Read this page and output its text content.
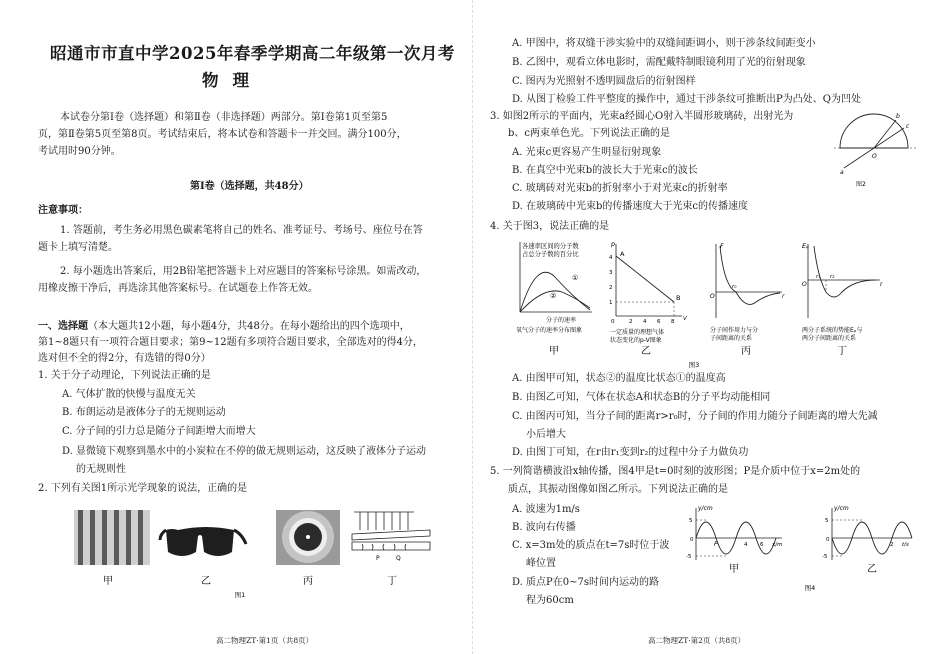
昭通市市直中学2025年春季学期高二年级第一次月考
物理
本试卷分第Ⅰ卷（选择题）和第Ⅱ卷（非选择题）两部分。第Ⅰ卷第1页至第5
页，第Ⅱ卷第5页至第8页。考试结束后，将本试卷和答题卡一并交回。满分100分，
考试用时90分钟。
第Ⅰ卷（选择题，共48分）
注意事项：
1. 答题前，考生务必用黑色碳素笔将自己的姓名、准考证号、考场号、座位号在答
题卡上填写清楚。
2. 每小题选出答案后，用2B铅笔把答题卡上对应题目的答案标号涂黑。如需改动，
用橡皮擦干净后，再选涂其他答案标号。在试题卷上作答无效。
一、选择题（本大题共12小题，每小题4分，共48分。在每小题给出的四个选项中，
第1~8题只有一项符合题目要求；第9~12题有多项符合题目要求，全部选对的得4分，
选对但不全的得2分，有选错的得0分）
1. 关于分子动理论，下列说法正确的是
A. 气体扩散的快慢与温度无关
B. 布朗运动是液体分子的无规则运动
C. 分子间的引力总是随分子间距增大而增大
D. 显微镜下观察到墨水中的小炭粒在不停的做无规则运动，这反映了液体分子运动
的无规则性
2. 下列有关图1所示光学现象的说法，正确的是
P	Q
甲	乙	丙	丁
图1
高二物理ZT·第1页（共8页）
A. 甲图中，将双缝干涉实验中的双缝间距调小，则干涉条纹间距变小
B. 乙图中，观看立体电影时，需配戴特制眼镜利用了光的衍射现象
C. 图丙为光照射不透明圆盘后的衍射图样
D. 从图丁检验工件平整度的操作中，通过干涉条纹可推断出P为凸处、Q为凹处
3. 如图2所示的平面内，光束a经圆心O射入半圆形玻璃砖，出射光为
b、c两束单色光。下列说法正确的是
A. 光束c更容易产生明显衍射现象
B. 在真空中光束b的波长大于光束c的波长
C. 玻璃砖对光束b的折射率小于对光束c的折射率
D. 在玻璃砖中光束b的传播速度大于光束c的传播速度
a
b
c
O
图2
4. 关于图3，说法正确的是
各速率区间的分子数
占总分子数的百分比
①
②
分子的速率
氧气分子的速率分布图象
p
A
B
4
3
2
1
0	2 4 6 8 V
一定质量的理想气体
状态变化的p-V图象
F
r₀
r
O
分子间作用力与分
子间距离的关系
Eₚ
r₁ r₂
r
O
两分子系统的势能Eₚ与
两分子间距离的关系
甲	乙	丙	丁
图3
A. 由图甲可知，状态②的温度比状态①的温度高
B. 由图乙可知，气体在状态A和状态B的分子平均动能相同
C. 由图丙可知，当分子间的距离r>r₀时，分子间的作用力随分子间距离的增大先减
小后增大
D. 由图丁可知，在r由r₁变到r₂的过程中分子力做负功
5. 一列简谐横波沿x轴传播，图4甲是t=0时刻的波形图；P是介质中位于x=2m处的
质点，其振动图像如图乙所示。下列说法正确的是
A. 波速为1m/s
B. 波向右传播
C. x=3m处的质点在t=7s时位于波
峰位置
D. 质点P在0~7s时间内运动的路
程为60cm
y/cm
5
0
-5
P	4 6 x/m
甲
y/cm
5
0
-5
2 t/s
乙
图4
高二物理ZT·第2页（共8页）
